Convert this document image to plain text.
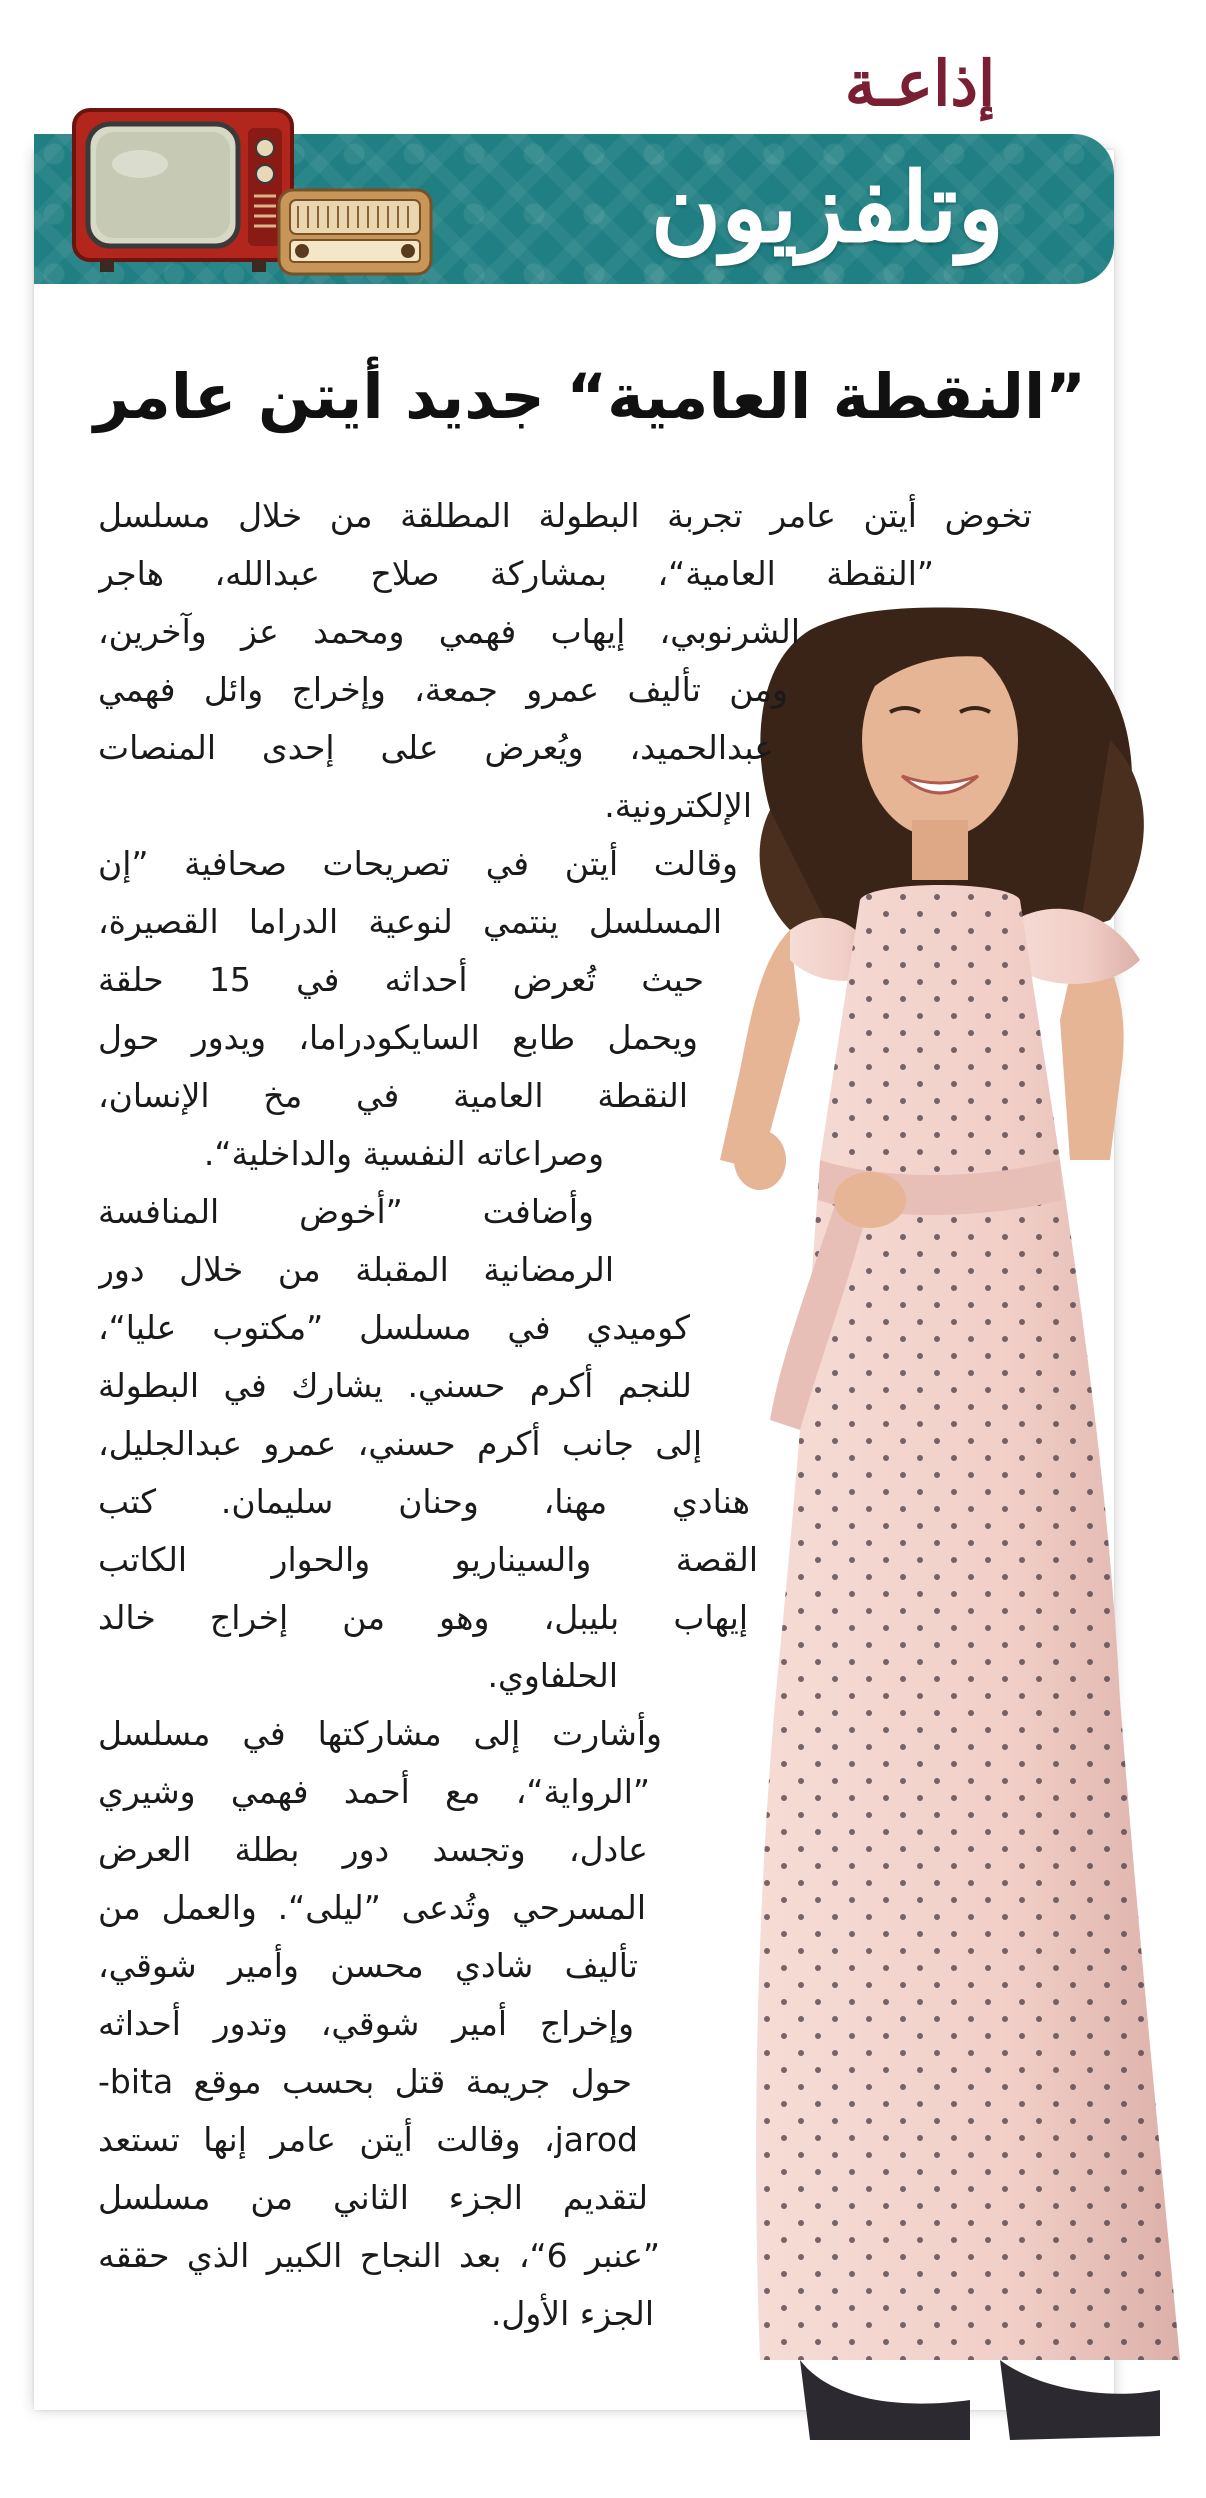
إذاعـة
وتلفزيون
”النقطة العامية“ جديد أيتن عامر
تخوض أيتن عامر تجربة البطولة المطلقة من خلال مسلسل
”النقطة العامية“، بمشاركة صلاح عبدالله، هاجر
الشرنوبي، إيهاب فهمي ومحمد عز وآخرين،
ومن تأليف عمرو جمعة، وإخراج وائل فهمي
عبدالحميد، ويُعرض على إحدى المنصات
الإلكترونية.
وقالت أيتن في تصريحات صحافية ”إن
المسلسل ينتمي لنوعية الدراما القصيرة،
حيث تُعرض أحداثه في 15 حلقة
ويحمل طابع السايكودراما، ويدور حول
النقطة العامية في مخ الإنسان،
وصراعاته النفسية والداخلية“.
وأضافت ”أخوض المنافسة
الرمضانية المقبلة من خلال دور
كوميدي في مسلسل ”مكتوب عليا“،
للنجم أكرم حسني. يشارك في البطولة
إلى جانب أكرم حسني، عمرو عبدالجليل،
هنادي مهنا، وحنان سليمان. كتب
القصة والسيناريو والحوار الكاتب
إيهاب بليبل، وهو من إخراج خالد
الحلفاوي.
وأشارت إلى مشاركتها في مسلسل
”الرواية“، مع أحمد فهمي وشيري
عادل، وتجسد دور بطلة العرض
المسرحي وتُدعى ”ليلى“. والعمل من
تأليف شادي محسن وأمير شوقي،
وإخراج أمير شوقي، وتدور أحداثه
حول جريمة قتل بحسب موقع bita-
jarod، وقالت أيتن عامر إنها تستعد
لتقديم الجزء الثاني من مسلسل
”عنبر 6“، بعد النجاح الكبير الذي حققه
الجزء الأول.
